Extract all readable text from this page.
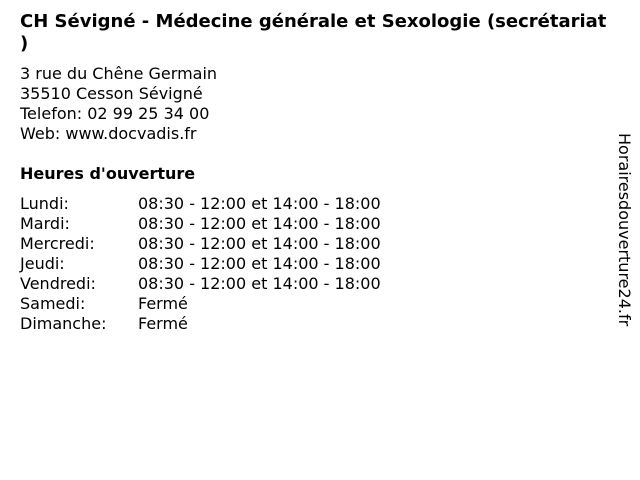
CH Sévigné - Médecine générale et Sexologie (secrétariat )
3 rue du Chêne Germain
35510 Cesson Sévigné
Telefon: 02 99 25 34 00
Web: www.docvadis.fr
Heures d'ouverture
Lundi:	08:30 - 12:00 et 14:00 - 18:00
Mardi:	08:30 - 12:00 et 14:00 - 18:00
Mercredi:	08:30 - 12:00 et 14:00 - 18:00
Jeudi:	08:30 - 12:00 et 14:00 - 18:00
Vendredi:	08:30 - 12:00 et 14:00 - 18:00
Samedi:	Fermé
Dimanche:	Fermé	Horairesdouverture24.fr
